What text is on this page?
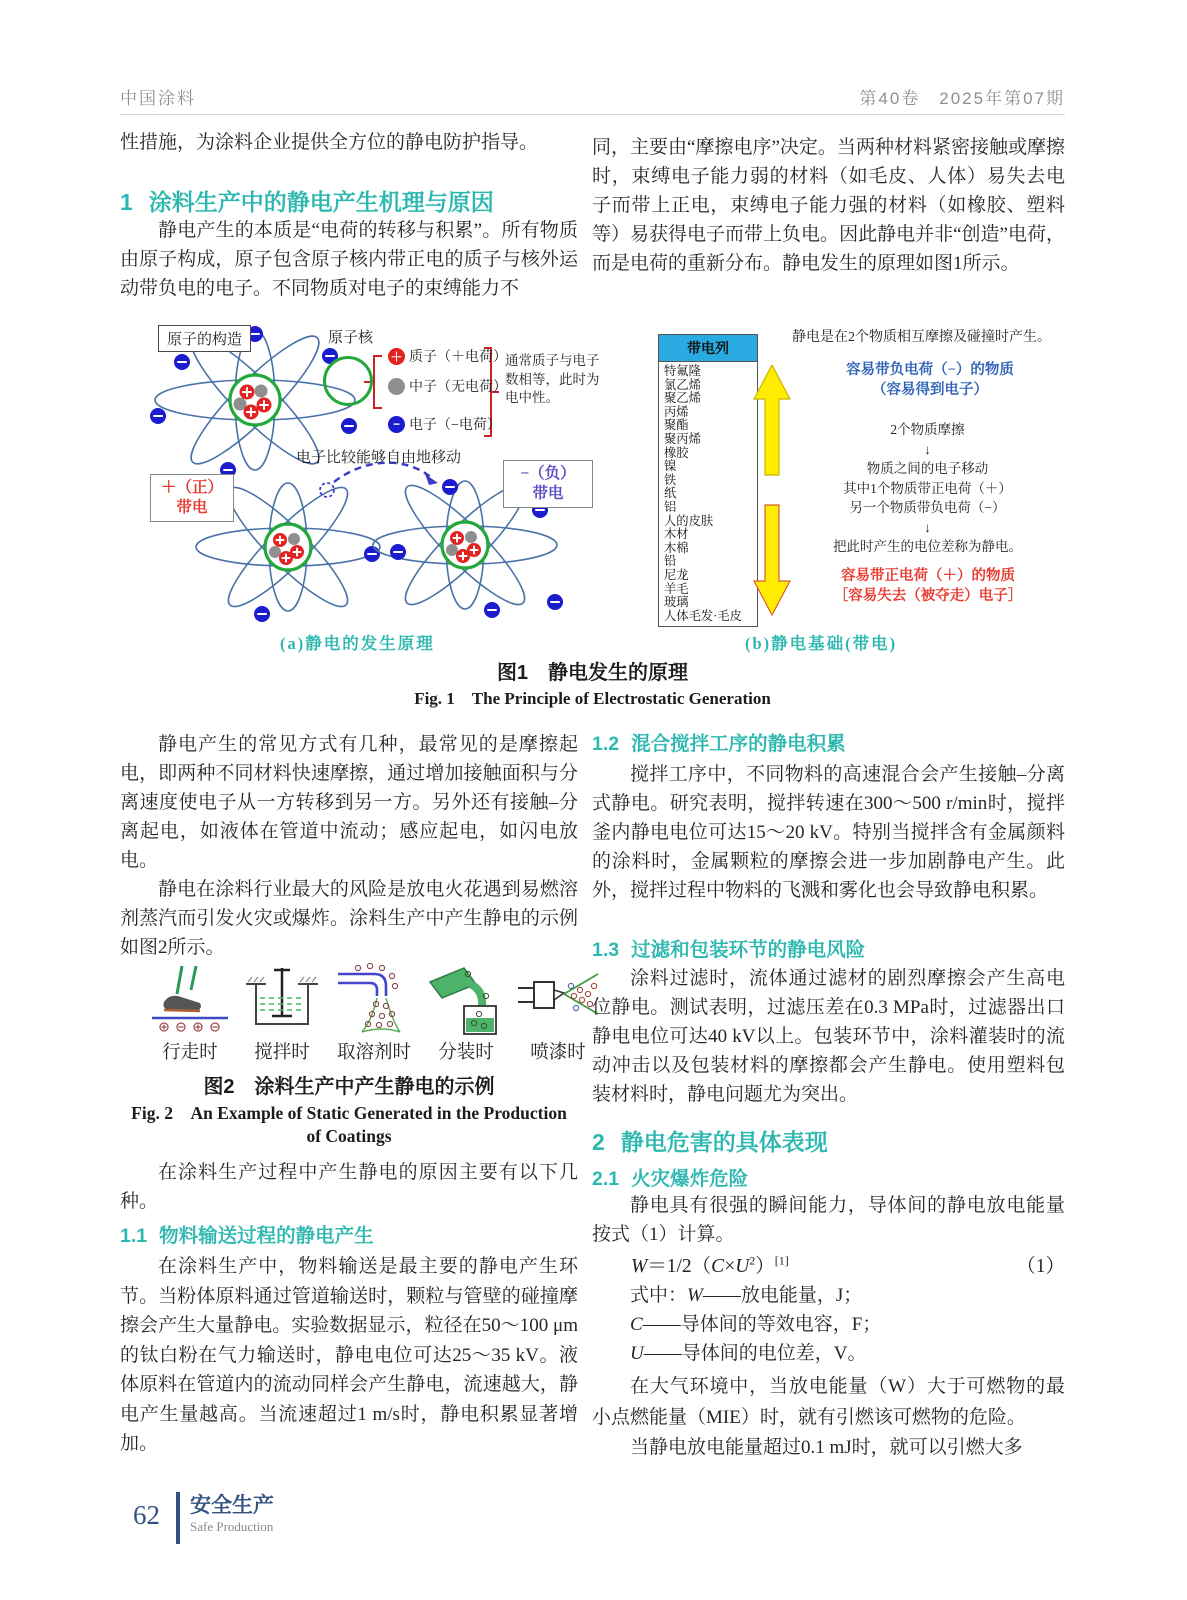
中国涂料	第40卷　2025年第07期
性措施，为涂料企业提供全方位的静电防护指导。
1 涂料生产中的静电产生机理与原因
静电产生的本质是“电荷的转移与积累”。所有物质由原子构成，原子包含原子核内带正电的质子与核外运动带负电的电子。不同物质对电子的束缚能力不
同，主要由“摩擦电序”决定。当两种材料紧密接触或摩擦时，束缚电子能力弱的材料（如毛皮、人体）易失去电子而带上正电，束缚电子能力强的材料（如橡胶、塑料等）易获得电子而带上负电。因此静电并非“创造”电荷，而是电荷的重新分布。静电发生的原理如图1所示。
原子的构造	原子核
＋ 质子（＋电荷）
中子（无电荷）
− 电子（−电荷）
通常质子与电子数相等，此时为电中性。
电子比较能够自由地移动
＋（正）
带电
−（负）
带电
(a)静电的发生原理
带电列
特氟隆
氯乙烯
聚乙烯
丙烯
聚酯
聚丙烯
橡胶
镍
铁
纸
铝
人的皮肤
木材
木棉
铅
尼龙
羊毛
玻璃
人体毛发·毛皮
静电是在2个物质相互摩擦及碰撞时产生。
容易带负电荷（−）的物质
（容易得到电子）
2个物质摩擦
↓
物质之间的电子移动
其中1个物质带正电荷（＋）
另一个物质带负电荷（−）
↓
把此时产生的电位差称为静电。
容易带正电荷（＋）的物质
［容易失去（被夺走）电子］
(b)静电基础(带电)
图1　静电发生的原理
Fig. 1　The Principle of Electrostatic Generation
静电产生的常见方式有几种，最常见的是摩擦起电，即两种不同材料快速摩擦，通过增加接触面积与分离速度使电子从一方转移到另一方。另外还有接触–分离起电，如液体在管道中流动；感应起电，如闪电放电。
静电在涂料行业最大的风险是放电火花遇到易燃溶剂蒸汽而引发火灾或爆炸。涂料生产中产生静电的示例如图2所示。
行走时	搅拌时	取溶剂时	分装时	喷漆时
图2　涂料生产中产生静电的示例
Fig. 2　An Example of Static Generated in the Production
of Coatings
在涂料生产过程中产生静电的原因主要有以下几种。
1.1 物料输送过程的静电产生
在涂料生产中，物料输送是最主要的静电产生环节。当粉体原料通过管道输送时，颗粒与管壁的碰撞摩擦会产生大量静电。实验数据显示，粒径在50～100 μm的钛白粉在气力输送时，静电电位可达25～35 kV。液体原料在管道内的流动同样会产生静电，流速越大，静电产生量越高。当流速超过1 m/s时，静电积累显著增加。
1.2 混合搅拌工序的静电积累
搅拌工序中，不同物料的高速混合会产生接触–分离式静电。研究表明，搅拌转速在300～500 r/min时，搅拌釜内静电电位可达15～20 kV。特别当搅拌含有金属颜料的涂料时，金属颗粒的摩擦会进一步加剧静电产生。此外，搅拌过程中物料的飞溅和雾化也会导致静电积累。
1.3 过滤和包装环节的静电风险
涂料过滤时，流体通过滤材的剧烈摩擦会产生高电位静电。测试表明，过滤压差在0.3 MPa时，过滤器出口静电电位可达40 kV以上。包装环节中，涂料灌装时的流动冲击以及包装材料的摩擦都会产生静电。使用塑料包装材料时，静电问题尤为突出。
2 静电危害的具体表现
2.1 火灾爆炸危险
静电具有很强的瞬间能力，导体间的静电放电能量按式（1）计算。
$W=1/2(C\times U^2)[1]$	（1）
式中：W——放电能量，J；
C——导体间的等效电容，F；
U——导体间的电位差，V。
在大气环境中，当放电能量（W）大于可燃物的最小点燃能量（MIE）时，就有引燃该可燃物的危险。
当静电放电能量超过0.1 mJ时，就可以引燃大多
62 安全生产
Safe Production
